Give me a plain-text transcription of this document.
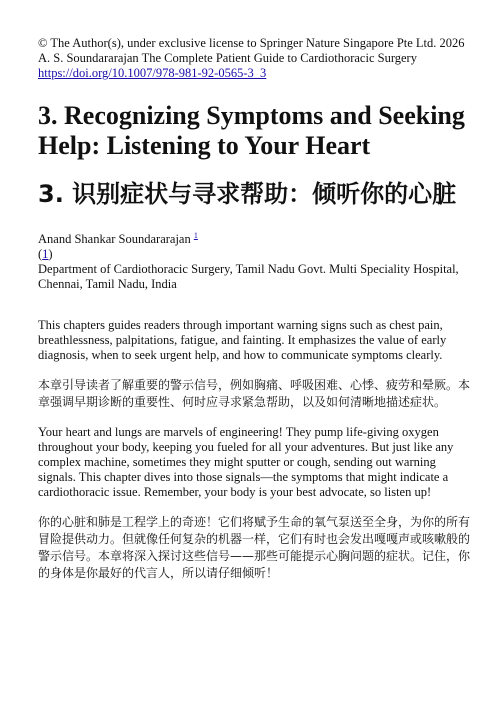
© The Author(s), under exclusive license to Springer Nature Singapore Pte Ltd. 2026
A. S. Soundararajan The Complete Patient Guide to Cardiothoracic Surgery
https://doi.org/10.1007/978-981-92-0565-3_3
3. Recognizing Symptoms and Seeking Help: Listening to Your Heart
3. 识别症状与寻求帮助：倾听你的心脏
Anand Shankar Soundararajan $^1$
(1)
Department of Cardiothoracic Surgery, Tamil Nadu Govt. Multi Speciality Hospital, Chennai, Tamil Nadu, India

This chapters guides readers through important warning signs such as chest pain, breathlessness, palpitations, fatigue, and fainting. It emphasizes the value of early diagnosis, when to seek urgent help, and how to communicate symptoms clearly.

本章引导读者了解重要的警示信号，例如胸痛、呼吸困难、心悸、疲劳和晕厥。本章强调早期诊断的重要性、何时应寻求紧急帮助，以及如何清晰地描述症状。

Your heart and lungs are marvels of engineering! They pump life-giving oxygen throughout your body, keeping you fueled for all your adventures. But just like any complex machine, sometimes they might sputter or cough, sending out warning signals. This chapter dives into those signals—the symptoms that might indicate a cardiothoracic issue. Remember, your body is your best advocate, so listen up!

你的心脏和肺是工程学上的奇迹！它们将赋予生命的氧气泵送至全身，为你的所有冒险提供动力。但就像任何复杂的机器一样，它们有时也会发出嘎嘎声或咳嗽般的警示信号。本章将深入探讨这些信号——那些可能提示心胸问题的症状。记住，你的身体是你最好的代言人，所以请仔细倾听！
